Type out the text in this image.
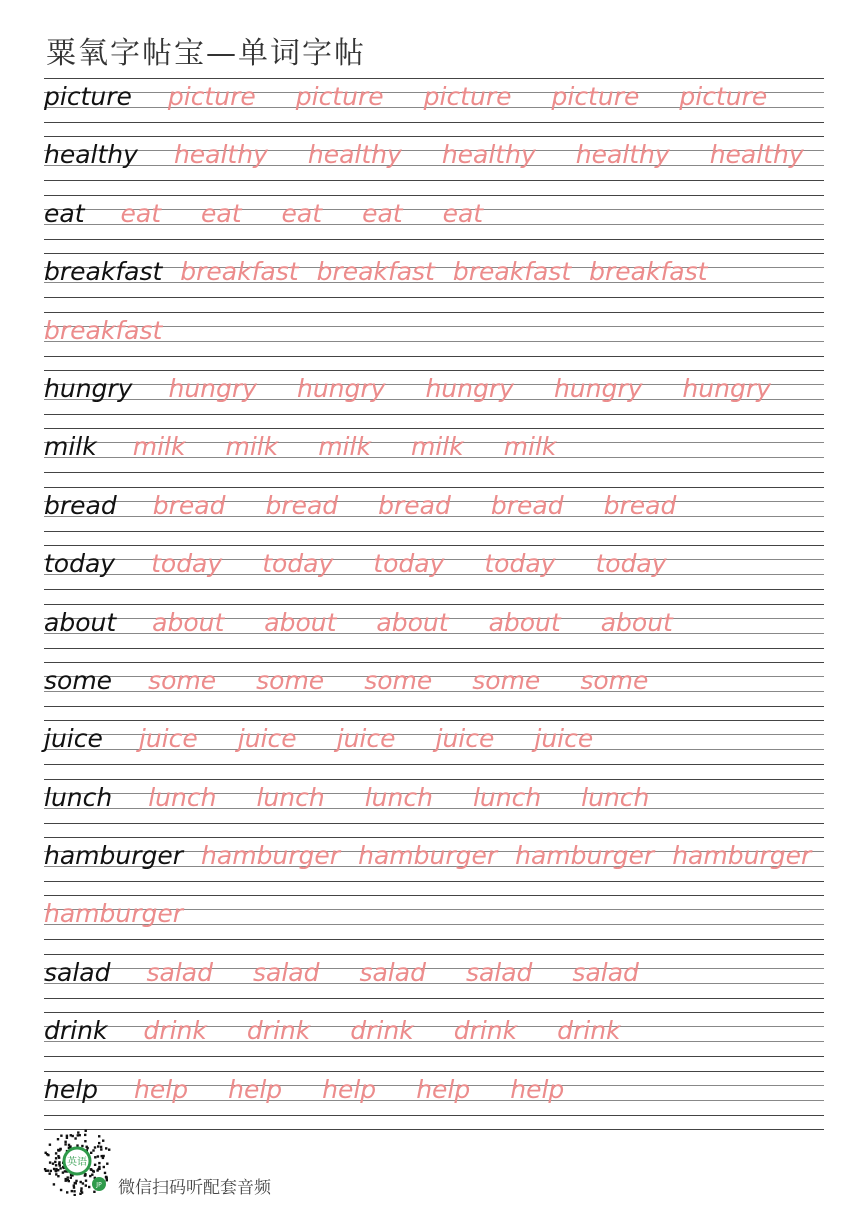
粟氧字帖宝—单词字帖
picture picture picture picture picture picture
healthy healthy healthy healthy healthy healthy
eat eat eat eat eat eat
breakfast breakfast breakfast breakfast breakfast
breakfast
hungry hungry hungry hungry hungry hungry
milk milk milk milk milk milk
bread bread bread bread bread bread
today today today today today today
about about about about about about
some some some some some some
juice juice juice juice juice juice
lunch lunch lunch lunch lunch lunch
hamburger hamburger hamburger hamburger hamburger
hamburger
salad salad salad salad salad salad
drink drink drink drink drink drink
help help help help help help
英语
JP 微信扫码听配套音频
